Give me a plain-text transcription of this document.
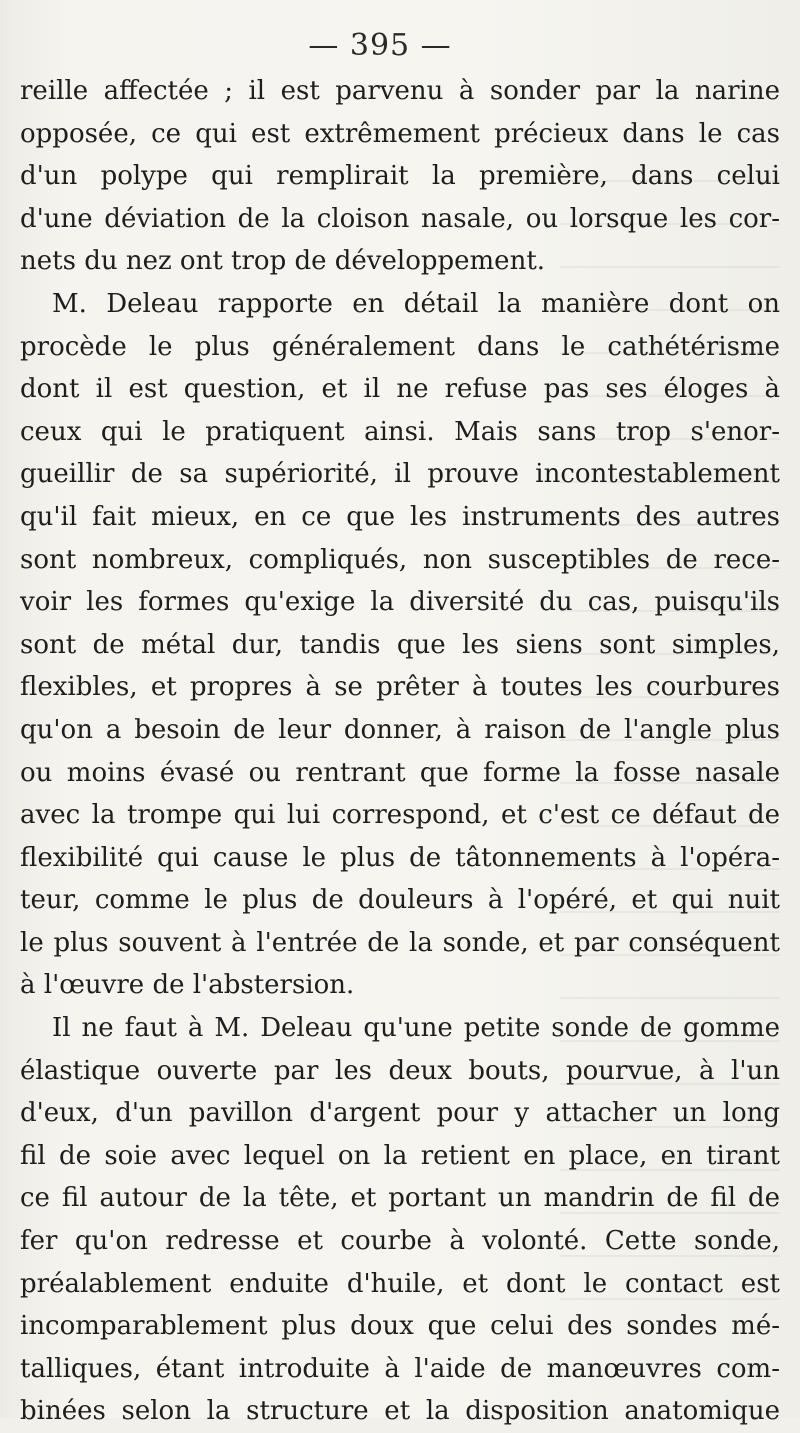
— 395 —
reille affectée ; il est parvenu à sonder par la narine
opposée, ce qui est extrêmement précieux dans le cas
d'un polype qui remplirait la première, dans celui
d'une déviation de la cloison nasale, ou lorsque les cor-
nets du nez ont trop de développement.
M. Deleau rapporte en détail la manière dont on
procède le plus généralement dans le cathétérisme
dont il est question, et il ne refuse pas ses éloges à
ceux qui le pratiquent ainsi. Mais sans trop s'enor-
gueillir de sa supériorité, il prouve incontestablement
qu'il fait mieux, en ce que les instruments des autres
sont nombreux, compliqués, non susceptibles de rece-
voir les formes qu'exige la diversité du cas, puisqu'ils
sont de métal dur, tandis que les siens sont simples,
flexibles, et propres à se prêter à toutes les courbures
qu'on a besoin de leur donner, à raison de l'angle plus
ou moins évasé ou rentrant que forme la fosse nasale
avec la trompe qui lui correspond, et c'est ce défaut de
flexibilité qui cause le plus de tâtonnements à l'opéra-
teur, comme le plus de douleurs à l'opéré, et qui nuit
le plus souvent à l'entrée de la sonde, et par conséquent
à l'œuvre de l'abstersion.
Il ne faut à M. Deleau qu'une petite sonde de gomme
élastique ouverte par les deux bouts, pourvue, à l'un
d'eux, d'un pavillon d'argent pour y attacher un long
fil de soie avec lequel on la retient en place, en tirant
ce fil autour de la tête, et portant un mandrin de fil de
fer qu'on redresse et courbe à volonté. Cette sonde,
préalablement enduite d'huile, et dont le contact est
incomparablement plus doux que celui des sondes mé-
talliques, étant introduite à l'aide de manœuvres com-
binées selon la structure et la disposition anatomique
